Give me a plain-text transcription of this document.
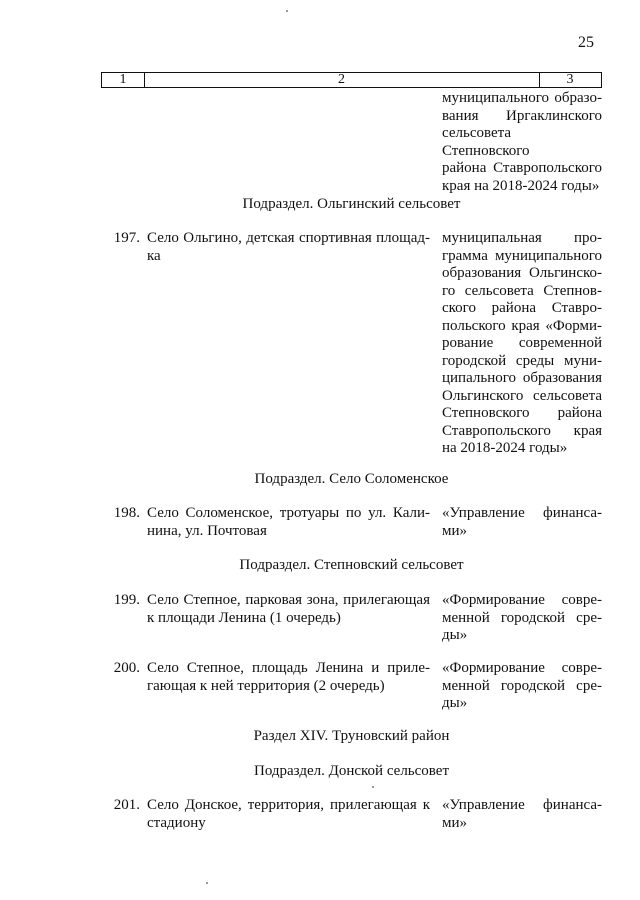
25
1	2	3
муниципального образо-
вания Иргаклинского
сельсовета Степновского
района Ставропольского
края на 2018-2024 годы»
Подраздел. Ольгинский сельсовет
197. Село Ольгино, детская спортивная площад-
ка
муниципальная про-
грамма муниципального
образования Ольгинско-
го сельсовета Степнов-
ского района Ставро-
польского края «Форми-
рование современной
городской среды муни-
ципального образования
Ольгинского сельсовета
Степновского района
Ставропольского края
на 2018-2024 годы»
Подраздел. Село Соломенское
198. Село Соломенское, тротуары по ул. Кали-
нина, ул. Почтовая
«Управление финанса-
ми»
Подраздел. Степновский сельсовет
199. Село Степное, парковая зона, прилегающая
к площади Ленина (1 очередь)
«Формирование совре-
менной городской сре-
ды»
200. Село Степное, площадь Ленина и приле-
гающая к ней территория (2 очередь)
«Формирование совре-
менной городской сре-
ды»
Раздел XIV. Труновский район
Подраздел. Донской сельсовет
201. Село Донское, территория, прилегающая к
стадиону
«Управление финанса-
ми»
